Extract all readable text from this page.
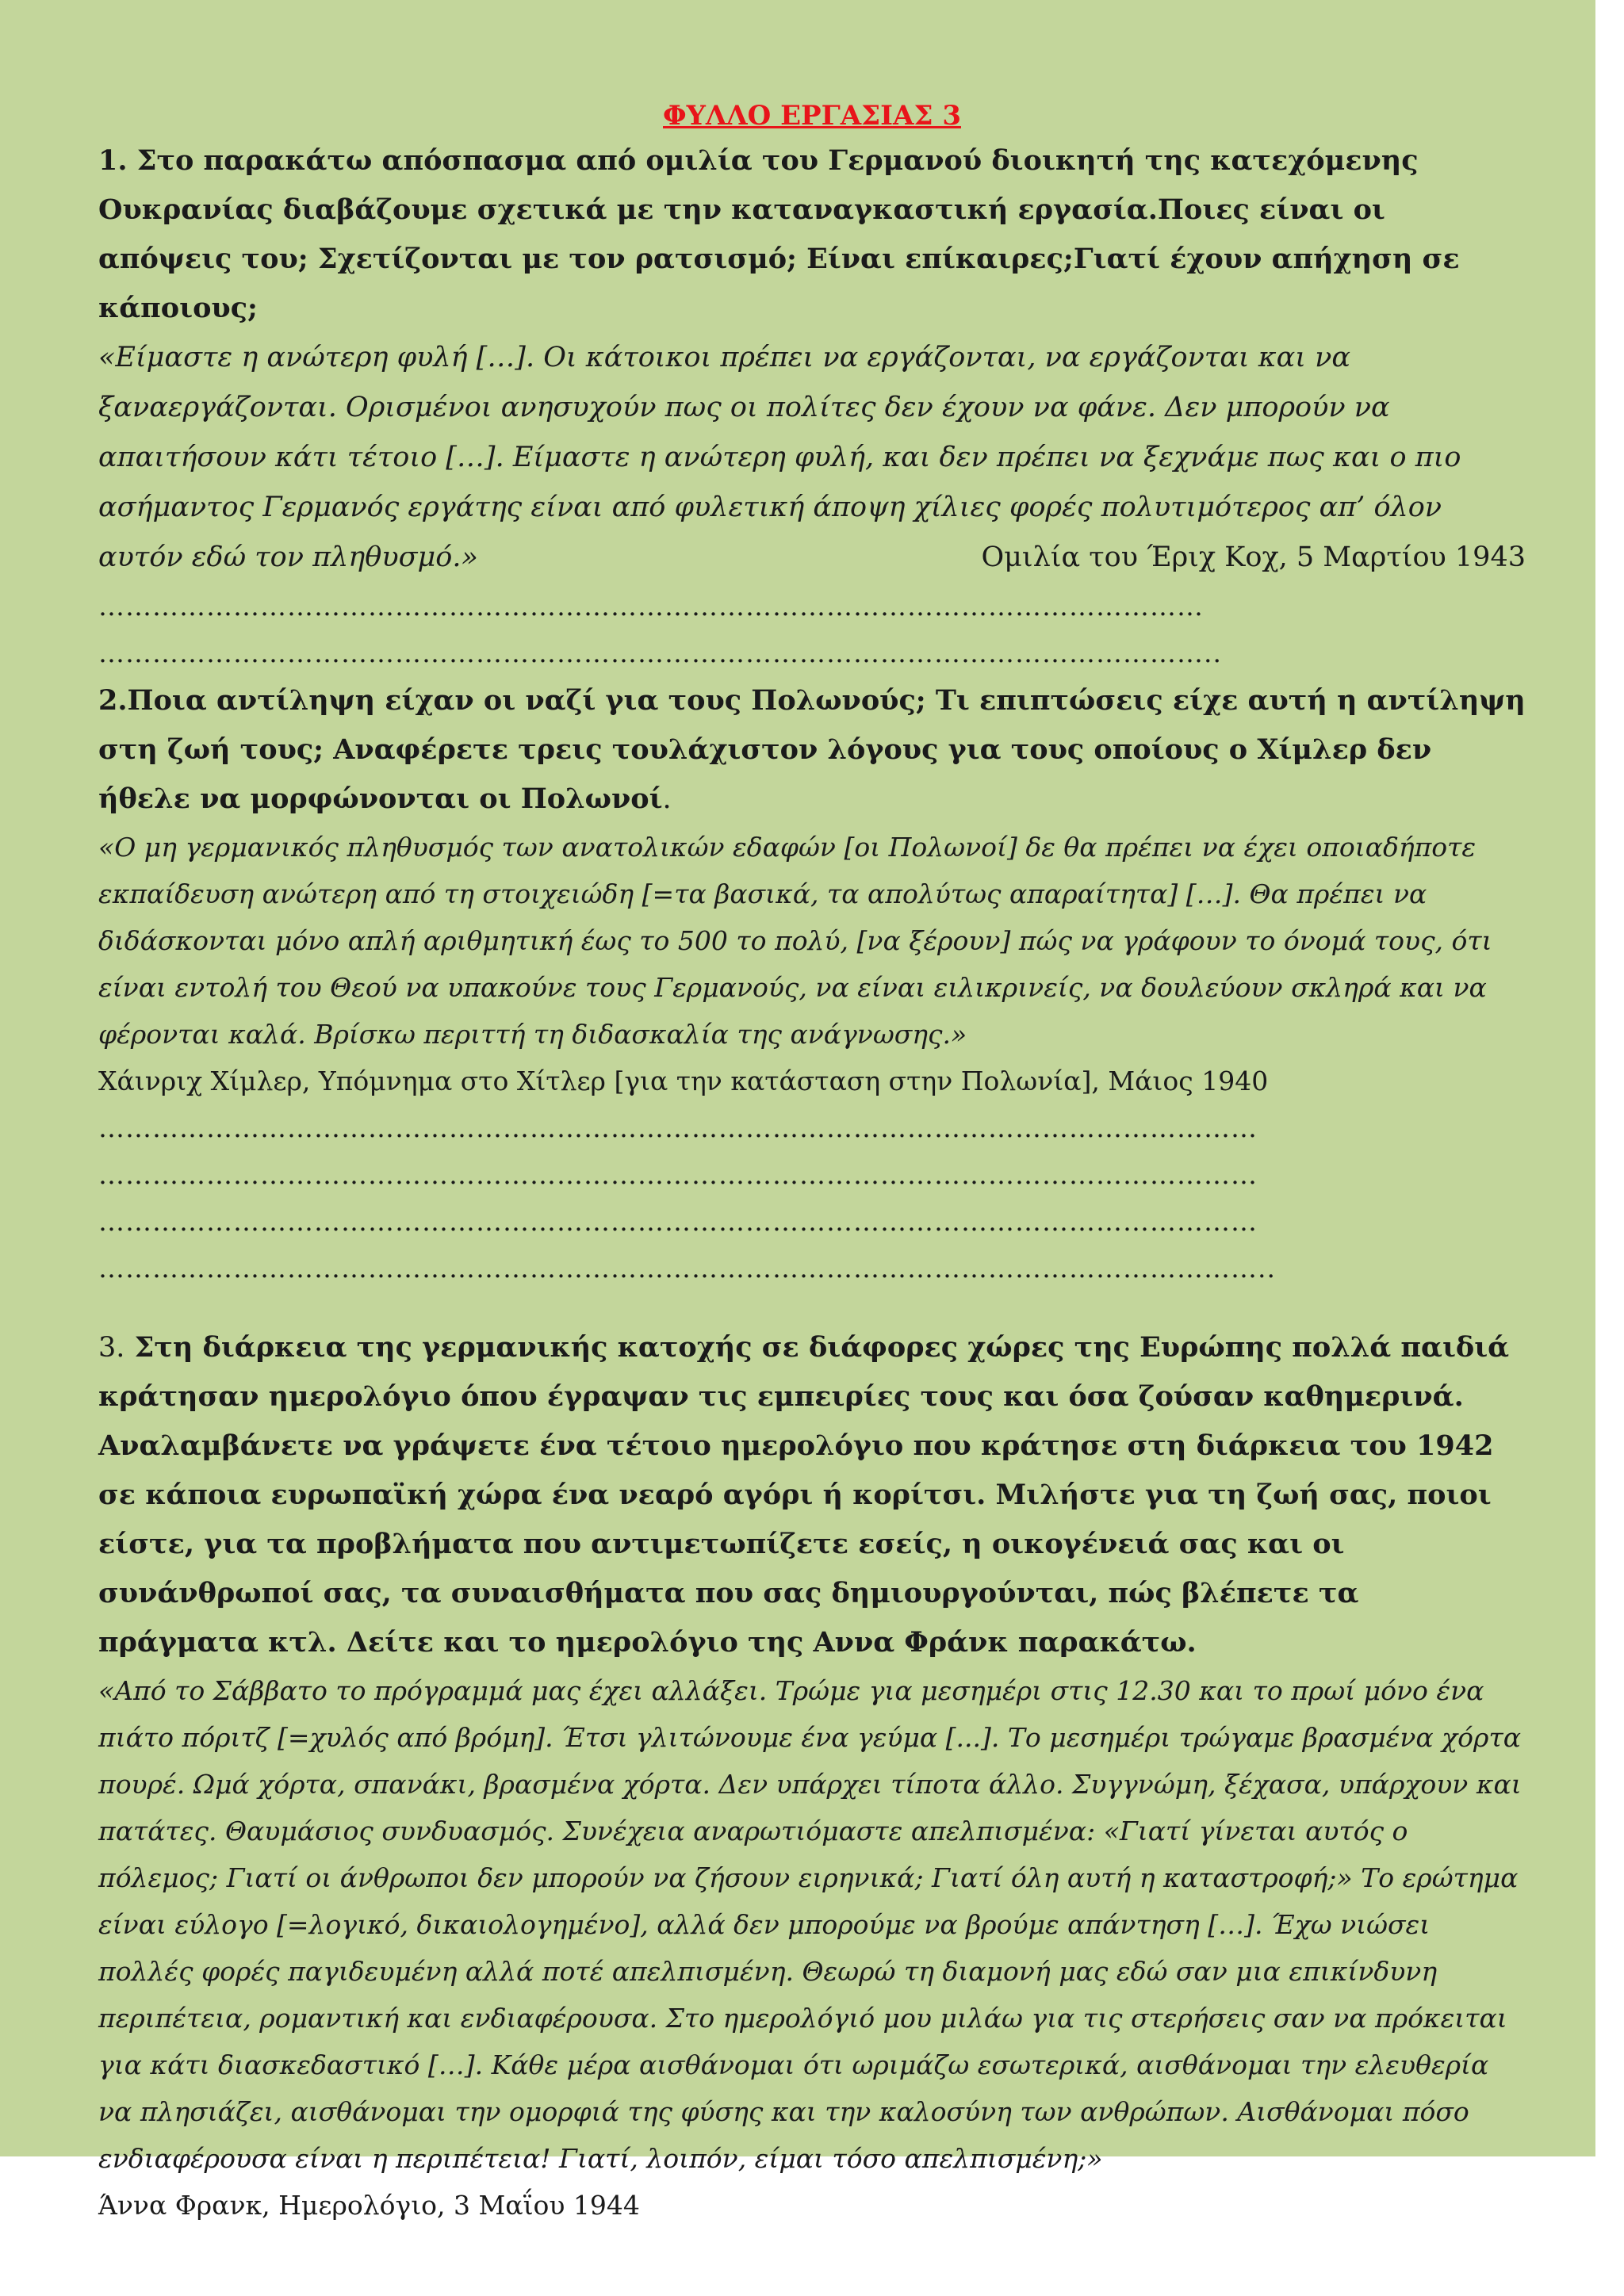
ΦΥΛΛΟ ΕΡΓΑΣΙΑΣ 3

1. Στο παρακάτω απόσπασμα από ομιλία του Γερμανού διοικητή της κατεχόμενης Ουκρανίας διαβάζουμε σχετικά με την καταναγκαστική εργασία.Ποιες είναι οι απόψεις του; Σχετίζονται με τον ρατσισμό; Είναι επίκαιρες;Γιατί έχουν απήχηση σε κάποιους;

«Είμαστε η ανώτερη φυλή […]. Οι κάτοικοι πρέπει να εργάζονται, να εργάζονται και να ξαναεργάζονται. Ορισμένοι ανησυχούν πως οι πολίτες δεν έχουν να φάνε. Δεν μπορούν να απαιτήσουν κάτι τέτοιο […]. Είμαστε η ανώτερη φυλή, και δεν πρέπει να ξεχνάμε πως και ο πιο ασήμαντος Γερμανός εργάτης είναι από φυλετική άποψη χίλιες φορές πολυτιμότερος απ’ όλον

αυτόν εδώ τον πληθυσμό.»	Ομιλία του Έριχ Κοχ, 5 Μαρτίου 1943

……………………………………………………………………………………………………………

……………………………………………………………………………………………………………..

2.Ποια αντίληψη είχαν οι ναζί για τους Πολωνούς; Τι επιπτώσεις είχε αυτή η αντίληψη στη ζωή τους; Αναφέρετε τρεις τουλάχιστον λόγους για τους οποίους ο Χίμλερ δεν ήθελε να μορφώνονται οι Πολωνοί.

«Ο μη γερμανικός πληθυσμός των ανατολικών εδαφών [οι Πολωνοί] δε θα πρέπει να έχει οποιαδήποτε εκπαίδευση ανώτερη από τη στοιχειώδη [=τα βασικά, τα απολύτως απαραίτητα] […]. Θα πρέπει να διδάσκονται μόνο απλή αριθμητική έως το 500 το πολύ, [να ξέρουν] πώς να γράφουν το όνομά τους, ότι είναι εντολή του Θεού να υπακούνε τους Γερμανούς, να είναι ειλικρινείς, να δουλεύουν σκληρά και να φέρονται καλά. Βρίσκω περιττή τη διδασκαλία της ανάγνωσης.»

Χάινριχ Χίμλερ, Υπόμνημα στο Χίτλερ [για την κατάσταση στην Πολωνία], Μάιος 1940

…………………………………………………………………………………………………………………

…………………………………………………………………………………………………………………

…………………………………………………………………………………………………………………

…………………………………………………………………………………………………………………..

3. Στη διάρκεια της γερμανικής κατοχής σε διάφορες χώρες της Ευρώπης πολλά παιδιά κράτησαν ημερολόγιο όπου έγραψαν τις εμπειρίες τους και όσα ζούσαν καθημερινά. Αναλαμβάνετε να γράψετε ένα τέτοιο ημερολόγιο που κράτησε στη διάρκεια του 1942 σε κάποια ευρωπαϊκή χώρα ένα νεαρό αγόρι ή κορίτσι. Μιλήστε για τη ζωή σας, ποιοι είστε, για τα προβλήματα που αντιμετωπίζετε εσείς, η οικογένειά σας και οι συνάνθρωποί σας, τα συναισθήματα που σας δημιουργούνται, πώς βλέπετε τα πράγματα κτλ. Δείτε και το ημερολόγιο της Αννα Φράνκ παρακάτω.

«Από το Σάββατο το πρόγραμμά μας έχει αλλάξει. Τρώμε για μεσημέρι στις 12.30 και το πρωί μόνο ένα πιάτο πόριτζ [=χυλός από βρόμη]. Έτσι γλιτώνουμε ένα γεύμα [...]. Το μεσημέρι τρώγαμε βρασμένα χόρτα πουρέ. Ωμά χόρτα, σπανάκι, βρασμένα χόρτα. Δεν υπάρχει τίποτα άλλο. Συγγνώμη, ξέχασα, υπάρχουν και πατάτες. Θαυμάσιος συνδυασμός. Συνέχεια αναρωτιόμαστε απελπισμένα: «Γιατί γίνεται αυτός ο πόλεμος; Γιατί οι άνθρωποι δεν μπορούν να ζήσουν ειρηνικά; Γιατί όλη αυτή η καταστροφή;» Το ερώτημα είναι εύλογο [=λογικό, δικαιολογημένο], αλλά δεν μπορούμε να βρούμε απάντηση […]. Έχω νιώσει πολλές φορές παγιδευμένη αλλά ποτέ απελπισμένη. Θεωρώ τη διαμονή μας εδώ σαν μια επικίνδυνη περιπέτεια, ρομαντική και ενδιαφέρουσα. Στο ημερολόγιό μου μιλάω για τις στερήσεις σαν να πρόκειται για κάτι διασκεδαστικό […]. Κάθε μέρα αισθάνομαι ότι ωριμάζω εσωτερικά, αισθάνομαι την ελευθερία να πλησιάζει, αισθάνομαι την ομορφιά της φύσης και την καλοσύνη των ανθρώπων. Αισθάνομαι πόσο ενδιαφέρουσα είναι η περιπέτεια! Γιατί, λοιπόν, είμαι τόσο απελπισμένη;»

Άννα Φρανκ, Ημερολόγιο, 3 Μαΐου 1944
